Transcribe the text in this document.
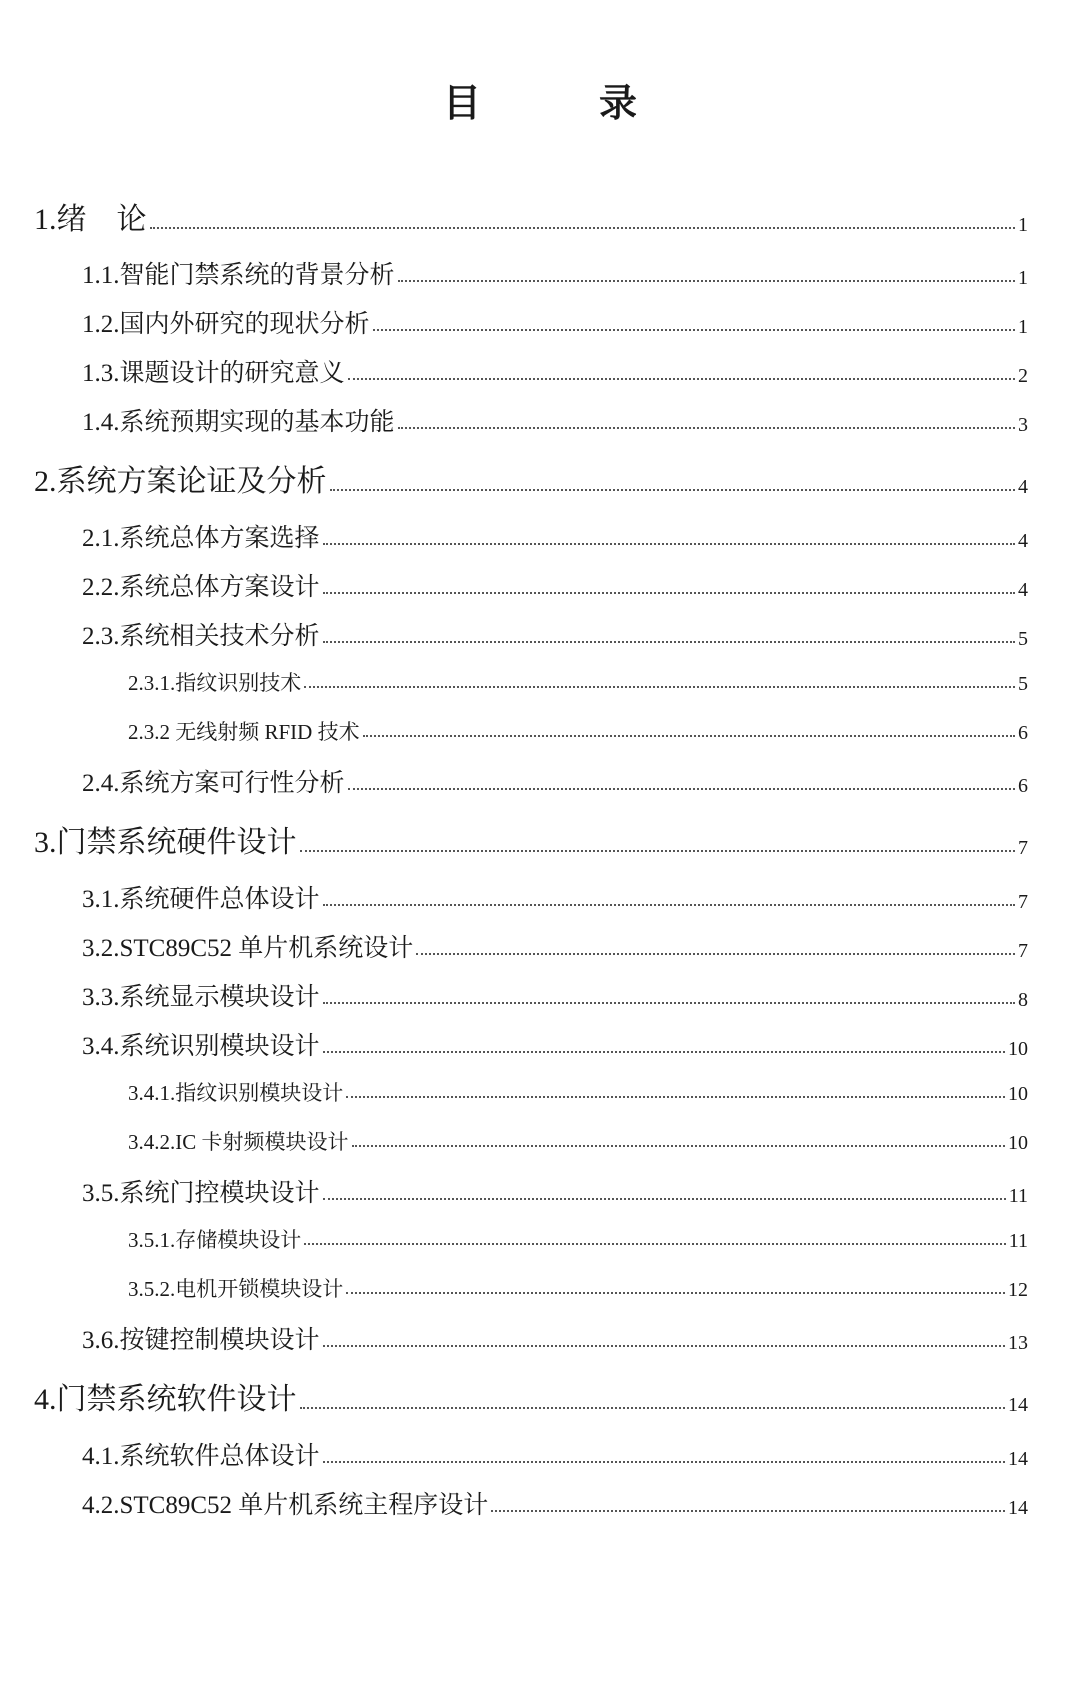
目　录
1.绪　论	1
1.1.智能门禁系统的背景分析	1
1.2.国内外研究的现状分析	1
1.3.课题设计的研究意义	2
1.4.系统预期实现的基本功能	3
2.系统方案论证及分析	4
2.1.系统总体方案选择	4
2.2.系统总体方案设计	4
2.3.系统相关技术分析	5
2.3.1.指纹识别技术	5
2.3.2 无线射频 RFID 技术	6
2.4.系统方案可行性分析	6
3.门禁系统硬件设计	7
3.1.系统硬件总体设计	7
3.2.STC89C52 单片机系统设计	7
3.3.系统显示模块设计	8
3.4.系统识别模块设计	10
3.4.1.指纹识别模块设计	10
3.4.2.IC 卡射频模块设计	10
3.5.系统门控模块设计	11
3.5.1.存储模块设计	11
3.5.2.电机开锁模块设计	12
3.6.按键控制模块设计	13
4.门禁系统软件设计	14
4.1.系统软件总体设计	14
4.2.STC89C52 单片机系统主程序设计	14
